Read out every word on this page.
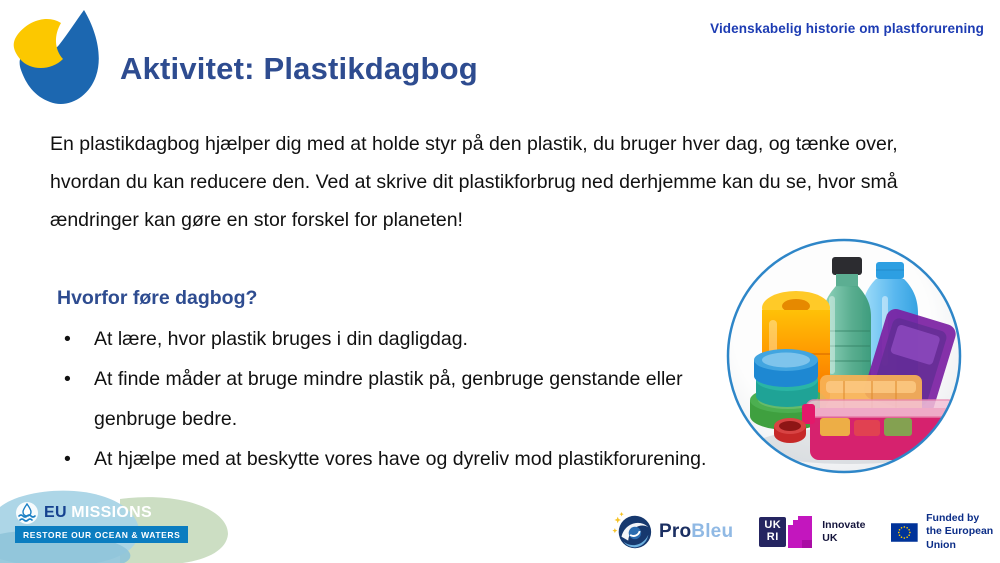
Videnskabelig historie om plastforurening
Aktivitet: Plastikdagbog

En plastikdagbog hjælper dig med at holde styr på den plastik, du bruger hver dag, og tænke over, hvordan du kan reducere den. Ved at skrive dit plastikforbrug ned derhjemme kan du se, hvor små ændringer kan gøre en stor forskel for planeten!

Hvorfor føre dagbog?
• At lære, hvor plastik bruges i din dagligdag.
• At finde måder at bruge mindre plastik på, genbruge genstande eller genbruge bedre.
• At hjælpe med at beskytte vores have og dyreliv mod plastikforurening.
EU MISSIONS
RESTORE OUR OCEAN & WATERS	ProBleu	UK
RI
Innovate
UK
Funded by
the European Union
